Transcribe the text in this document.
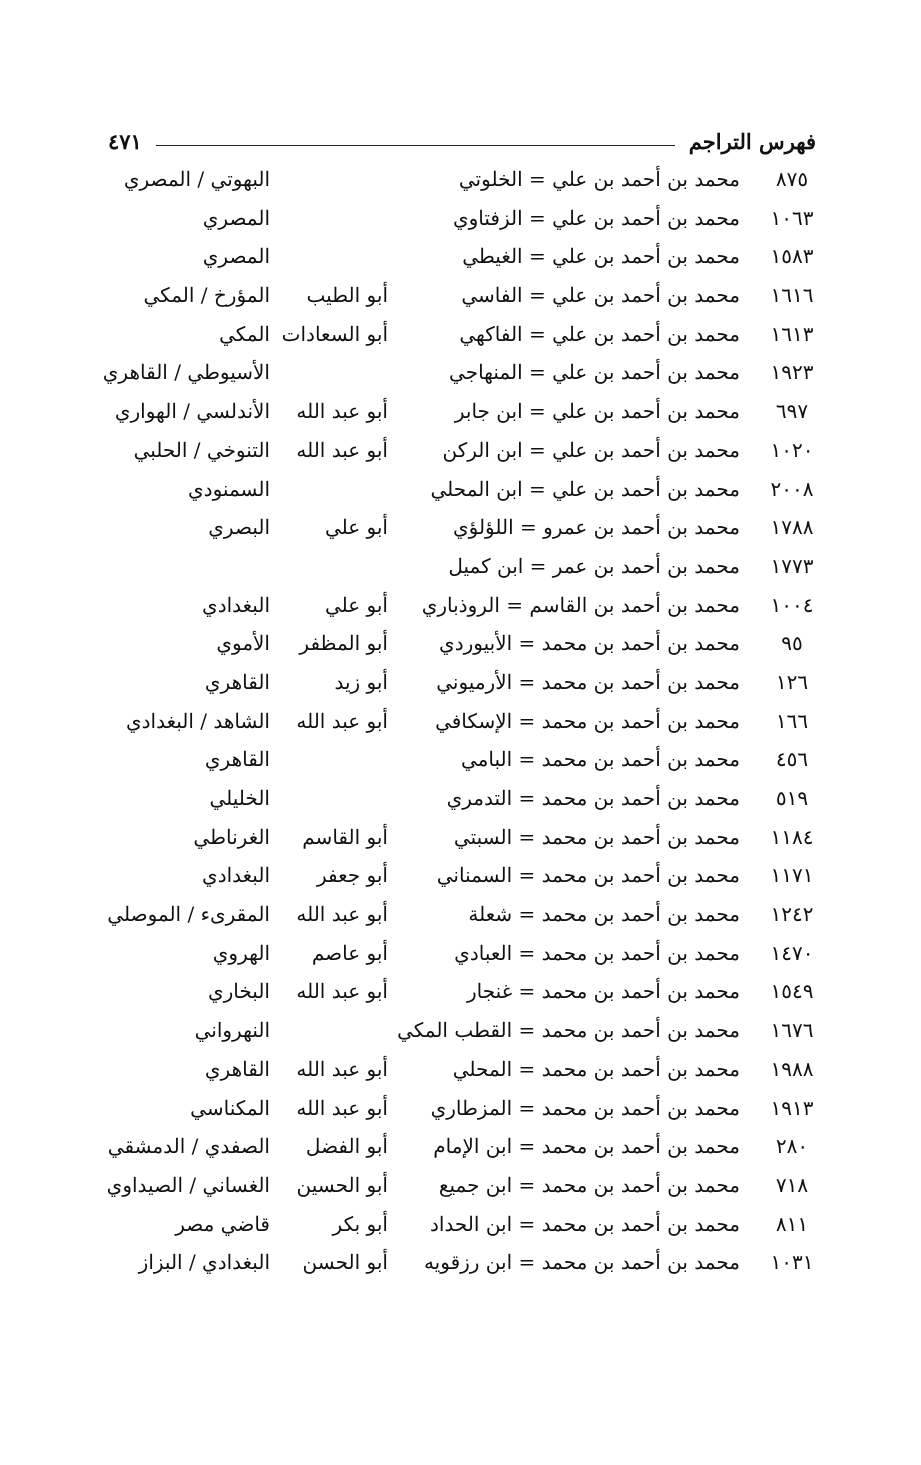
فهرس التراجم
٤٧١
٨٧٥
محمد بن أحمد بن علي = الخلوتي
البهوتي / المصري
١٠٦٣
محمد بن أحمد بن علي = الزفتاوي
المصري
١٥٨٣
محمد بن أحمد بن علي = الغيطي
المصري
١٦١٦
محمد بن أحمد بن علي = الفاسي
أبو الطيب
المؤرخ / المكي
١٦١٣
محمد بن أحمد بن علي = الفاكهي
أبو السعادات
المكي
١٩٢٣
محمد بن أحمد بن علي = المنهاجي
الأسيوطي / القاهري
٦٩٧
محمد بن أحمد بن علي = ابن جابر
أبو عبد الله
الأندلسي / الهواري
١٠٢٠
محمد بن أحمد بن علي = ابن الركن
أبو عبد الله
التنوخي / الحلبي
٢٠٠٨
محمد بن أحمد بن علي = ابن المحلي
السمنودي
١٧٨٨
محمد بن أحمد بن عمرو = اللؤلؤي
أبو علي
البصري
١٧٧٣
محمد بن أحمد بن عمر = ابن كميل
١٠٠٤
محمد بن أحمد بن القاسم = الروذباري
أبو علي
البغدادي
٩٥
محمد بن أحمد بن محمد = الأبيوردي
أبو المظفر
الأموي
١٢٦
محمد بن أحمد بن محمد = الأرميوني
أبو زيد
القاهري
١٦٦
محمد بن أحمد بن محمد = الإسكافي
أبو عبد الله
الشاهد / البغدادي
٤٥٦
محمد بن أحمد بن محمد = البامي
القاهري
٥١٩
محمد بن أحمد بن محمد = التدمري
الخليلي
١١٨٤
محمد بن أحمد بن محمد = السبتي
أبو القاسم
الغرناطي
١١٧١
محمد بن أحمد بن محمد = السمناني
أبو جعفر
البغدادي
١٢٤٢
محمد بن أحمد بن محمد = شعلة
أبو عبد الله
المقرىء / الموصلي
١٤٧٠
محمد بن أحمد بن محمد = العبادي
أبو عاصم
الهروي
١٥٤٩
محمد بن أحمد بن محمد = غنجار
أبو عبد الله
البخاري
١٦٧٦
محمد بن أحمد بن محمد = القطب المكي
النهرواني
١٩٨٨
محمد بن أحمد بن محمد = المحلي
أبو عبد الله
القاهري
١٩١٣
محمد بن أحمد بن محمد = المزطاري
أبو عبد الله
المكناسي
٢٨٠
محمد بن أحمد بن محمد = ابن الإمام
أبو الفضل
الصفدي / الدمشقي
٧١٨
محمد بن أحمد بن محمد = ابن جميع
أبو الحسين
الغساني / الصيداوي
٨١١
محمد بن أحمد بن محمد = ابن الحداد
أبو بكر
قاضي مصر
١٠٣١
محمد بن أحمد بن محمد = ابن رزقويه
أبو الحسن
البغدادي / البزاز
